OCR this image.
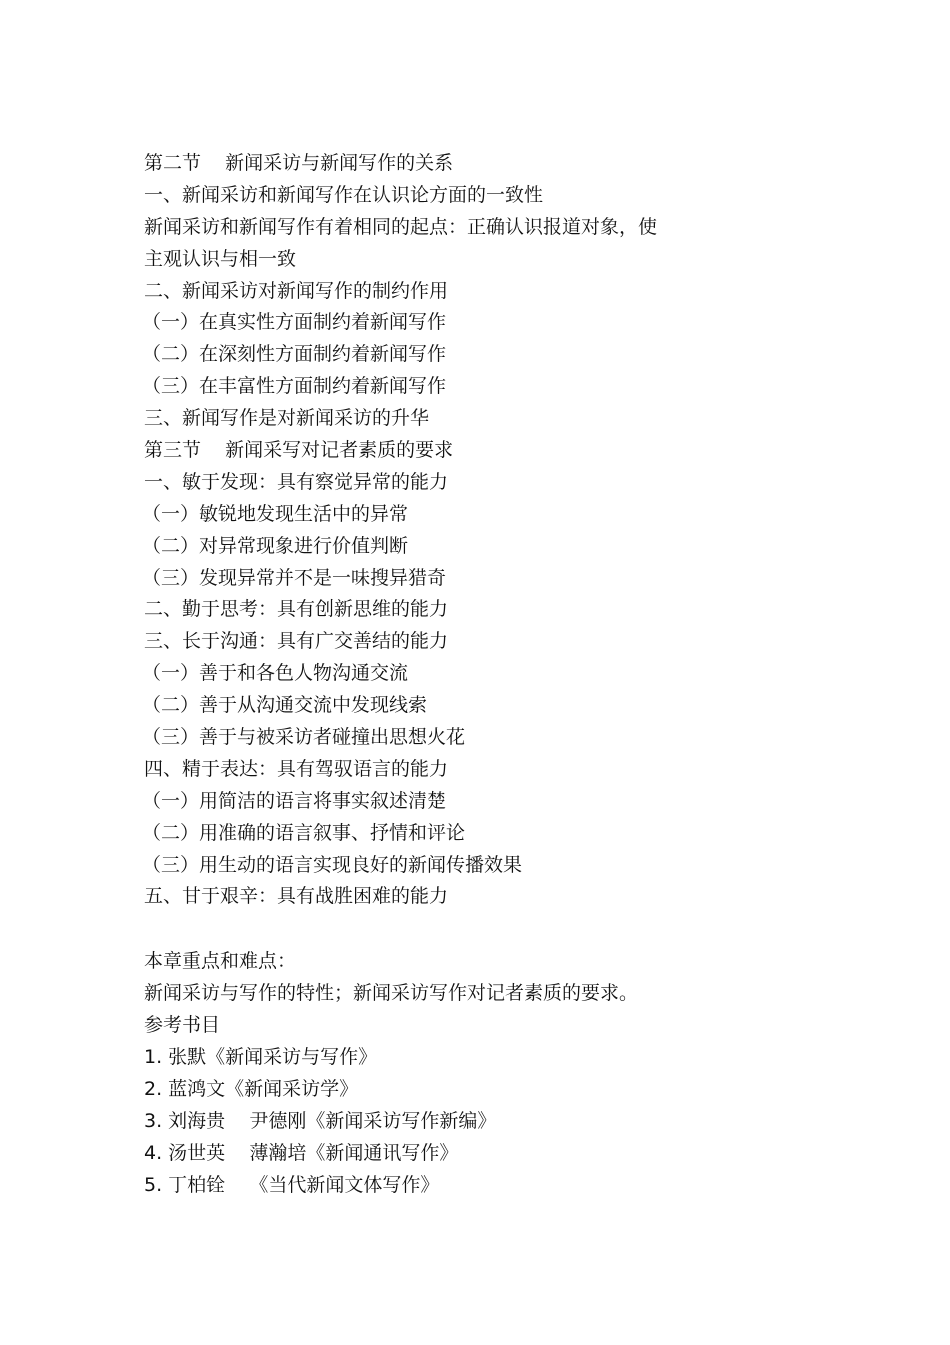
第二节    新闻采访与新闻写作的关系
一、新闻采访和新闻写作在认识论方面的一致性
新闻采访和新闻写作有着相同的起点：正确认识报道对象，使
主观认识与相一致
二、新闻采访对新闻写作的制约作用
（一）在真实性方面制约着新闻写作
（二）在深刻性方面制约着新闻写作
（三）在丰富性方面制约着新闻写作
三、新闻写作是对新闻采访的升华
第三节    新闻采写对记者素质的要求
一、敏于发现：具有察觉异常的能力
（一）敏锐地发现生活中的异常
（二）对异常现象进行价值判断
（三）发现异常并不是一味搜异猎奇
二、勤于思考：具有创新思维的能力
三、长于沟通：具有广交善结的能力
（一）善于和各色人物沟通交流
（二）善于从沟通交流中发现线索
（三）善于与被采访者碰撞出思想火花
四、精于表达：具有驾驭语言的能力
（一）用简洁的语言将事实叙述清楚
（二）用准确的语言叙事、抒情和评论
（三）用生动的语言实现良好的新闻传播效果
五、甘于艰辛：具有战胜困难的能力
本章重点和难点：
新闻采访与写作的特性；新闻采访写作对记者素质的要求。
参考书目
1. 张默《新闻采访与写作》
2. 蓝鸿文《新闻采访学》
3. 刘海贵    尹德刚《新闻采访写作新编》
4. 汤世英    薄瀚培《新闻通讯写作》
5. 丁柏铨    《当代新闻文体写作》
